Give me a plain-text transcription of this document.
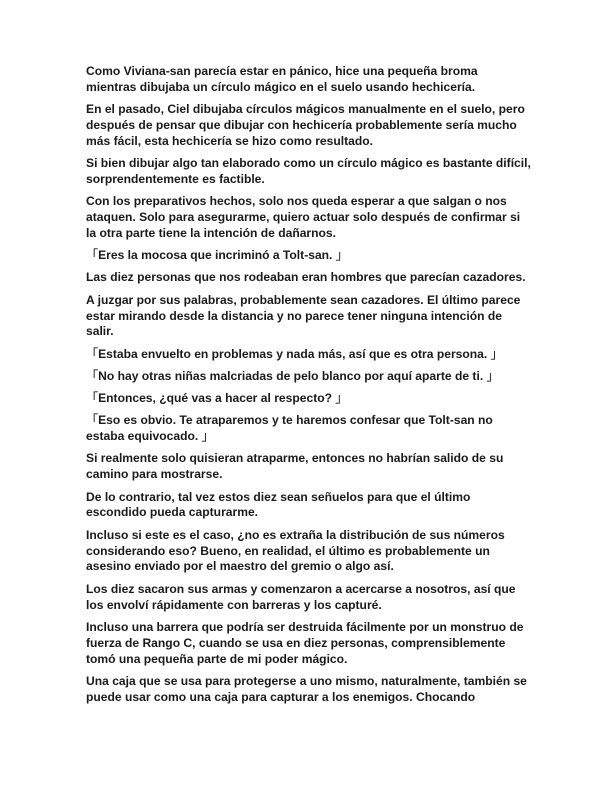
Como Viviana-san parecía estar en pánico, hice una pequeña broma
mientras dibujaba un círculo mágico en el suelo usando hechicería.

En el pasado, Ciel dibujaba círculos mágicos manualmente en el suelo, pero
después de pensar que dibujar con hechicería probablemente sería mucho
más fácil, esta hechicería se hizo como resultado.

Si bien dibujar algo tan elaborado como un círculo mágico es bastante difícil,
sorprendentemente es factible.

Con los preparativos hechos, solo nos queda esperar a que salgan o nos
ataquen. Solo para asegurarme, quiero actuar solo después de confirmar si
la otra parte tiene la intención de dañarnos.

「Eres la mocosa que incriminó a Tolt-san. 」

Las diez personas que nos rodeaban eran hombres que parecían cazadores.

A juzgar por sus palabras, probablemente sean cazadores. El último parece
estar mirando desde la distancia y no parece tener ninguna intención de
salir.

「Estaba envuelto en problemas y nada más, así que es otra persona. 」

「No hay otras niñas malcriadas de pelo blanco por aquí aparte de ti. 」

「Entonces, ¿qué vas a hacer al respecto? 」

「Eso es obvio. Te atraparemos y te haremos confesar que Tolt-san no
estaba equivocado. 」

Si realmente solo quisieran atraparme, entonces no habrían salido de su
camino para mostrarse.

De lo contrario, tal vez estos diez sean señuelos para que el último
escondido pueda capturarme.

Incluso si este es el caso, ¿no es extraña la distribución de sus números
considerando eso? Bueno, en realidad, el último es probablemente un
asesino enviado por el maestro del gremio o algo así.

Los diez sacaron sus armas y comenzaron a acercarse a nosotros, así que
los envolví rápidamente con barreras y los capturé.

Incluso una barrera que podría ser destruida fácilmente por un monstruo de
fuerza de Rango C, cuando se usa en diez personas, comprensiblemente
tomó una pequeña parte de mi poder mágico.

Una caja que se usa para protegerse a uno mismo, naturalmente, también se
puede usar como una caja para capturar a los enemigos. Chocando
